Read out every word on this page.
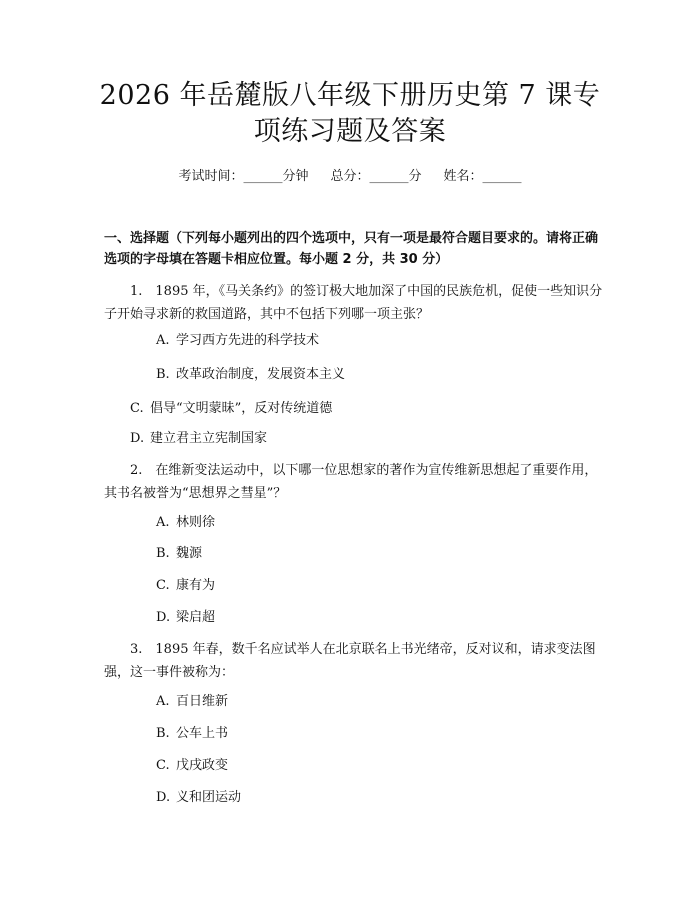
2026 年岳麓版八年级下册历史第 7 课专项练习题及答案
考试时间：______分钟 总分：______分 姓名：______
一、选择题（下列每小题列出的四个选项中，只有一项是最符合题目要求的。请将正确选项的字母填在答题卡相应位置。每小题 2 分，共 30 分）
1.　1895 年，《马关条约》的签订极大地加深了中国的民族危机，促使一些知识分子开始寻求新的救国道路，其中不包括下列哪一项主张？
A. 学习西方先进的科学技术
B. 改革政治制度，发展资本主义
C. 倡导“文明蒙昧”，反对传统道德
D. 建立君主立宪制国家
2.　在维新变法运动中，以下哪一位思想家的著作为宣传维新思想起了重要作用，其书名被誉为“思想界之彗星”？
A. 林则徐
B. 魏源
C. 康有为
D. 梁启超
3.　1895 年春，数千名应试举人在北京联名上书光绪帝，反对议和，请求变法图强，这一事件被称为：
A. 百日维新
B. 公车上书
C. 戊戌政变
D. 义和团运动
